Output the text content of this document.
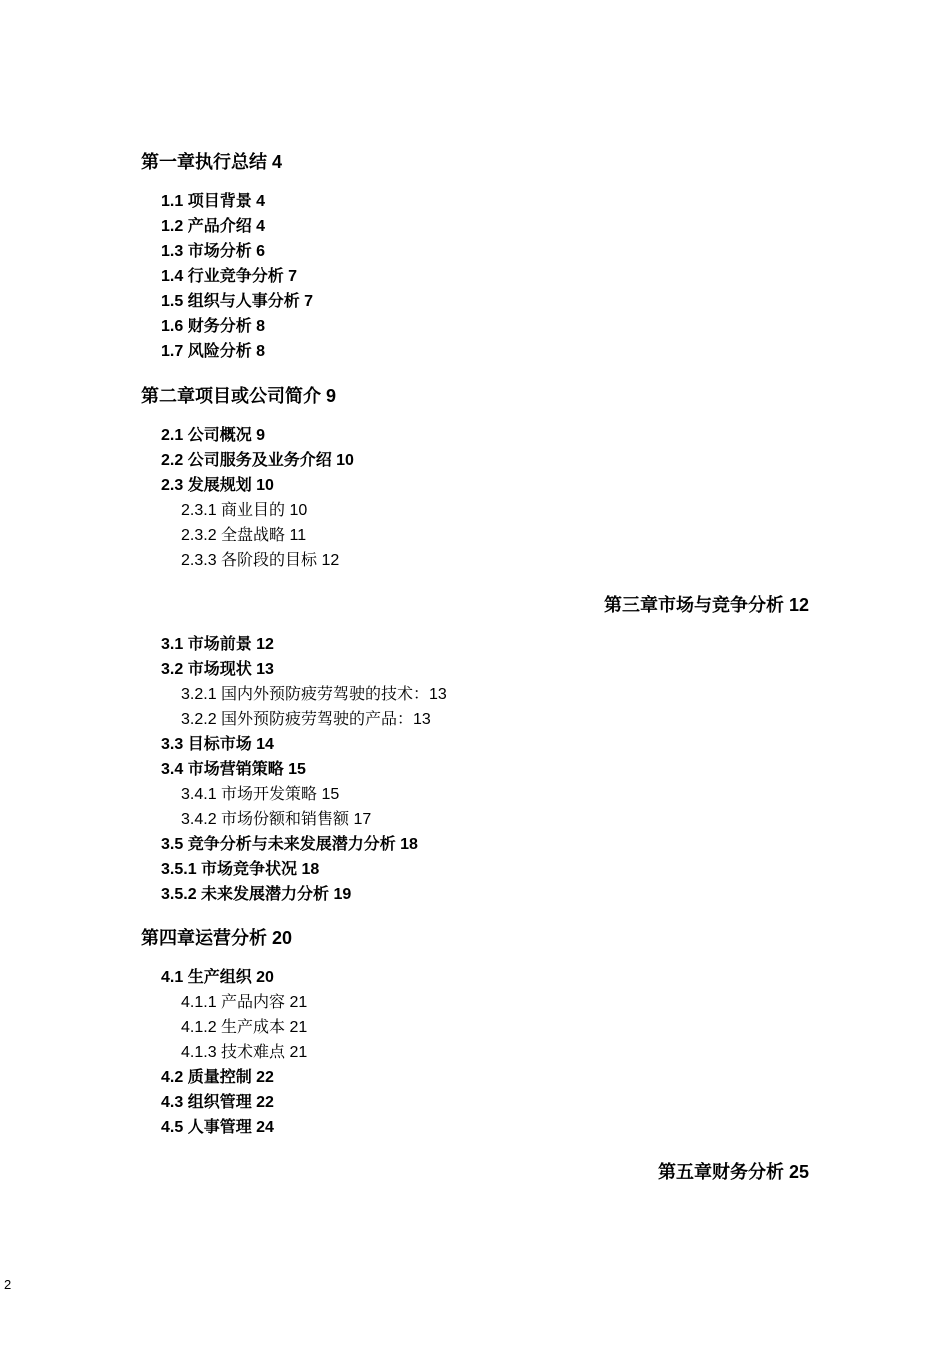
第一章执行总结 4
1.1 项目背景 4
1.2 产品介绍 4
1.3 市场分析 6
1.4 行业竞争分析 7
1.5 组织与人事分析 7
1.6 财务分析 8
1.7 风险分析 8
第二章项目或公司简介 9
2.1 公司概况 9
2.2 公司服务及业务介绍 10
2.3 发展规划 10
2.3.1 商业目的 10
2.3.2 全盘战略 11
2.3.3 各阶段的目标 12
第三章市场与竞争分析 12
3.1 市场前景 12
3.2 市场现状 13
3.2.1 国内外预防疲劳驾驶的技术：13
3.2.2 国外预防疲劳驾驶的产品：13
3.3 目标市场 14
3.4 市场营销策略 15
3.4.1 市场开发策略 15
3.4.2 市场份额和销售额 17
3.5 竞争分析与未来发展潜力分析 18
3.5.1 市场竞争状况 18
3.5.2 未来发展潜力分析 19
第四章运营分析 20
4.1 生产组织 20
4.1.1 产品内容 21
4.1.2 生产成本 21
4.1.3 技术难点 21
4.2 质量控制 22
4.3 组织管理 22
4.5 人事管理 24
第五章财务分析 25
2
